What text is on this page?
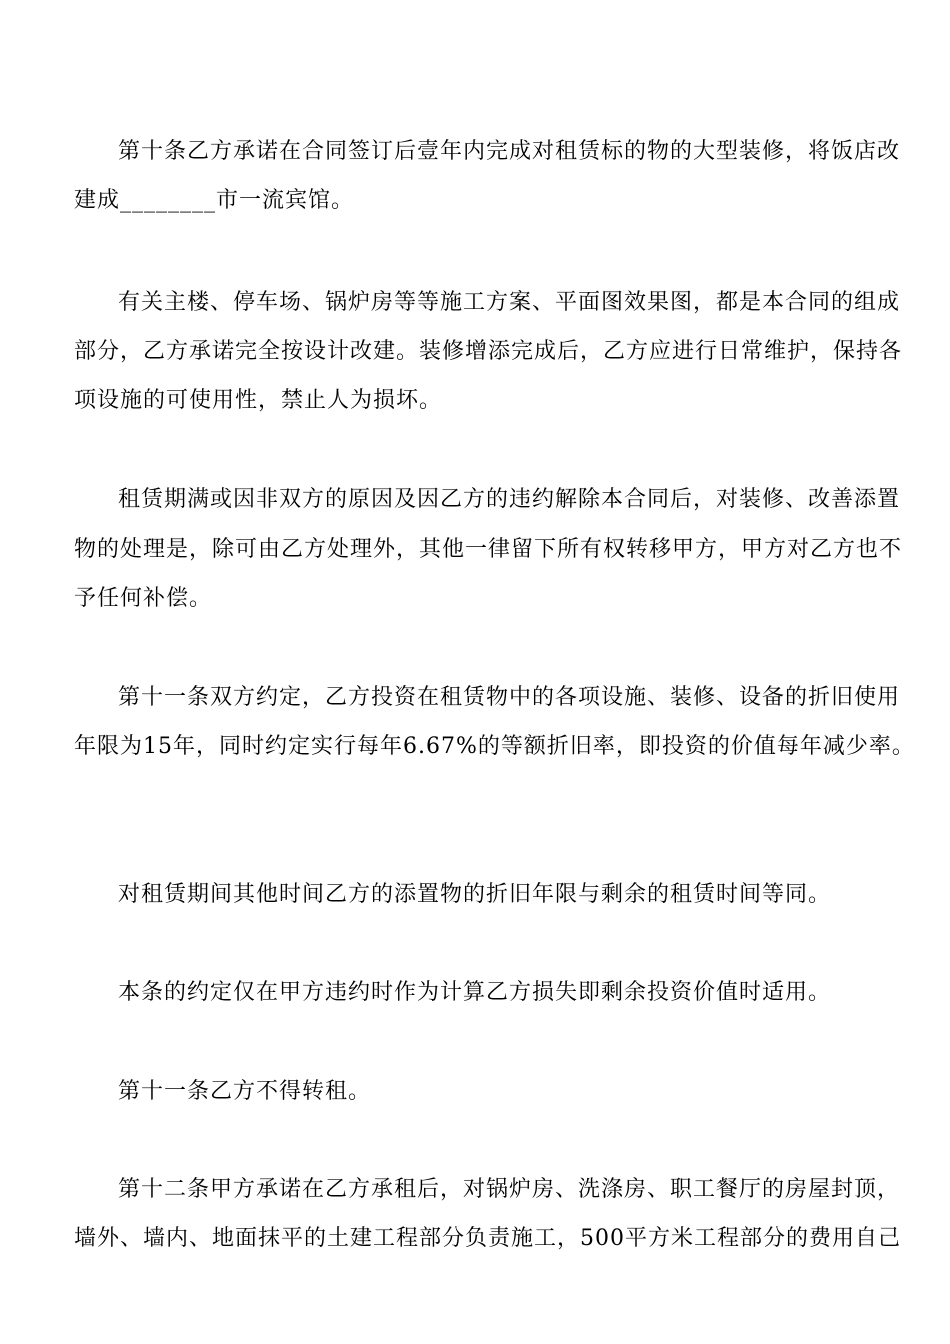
第十条乙方承诺在合同签订后壹年内完成对租赁标的物的大型装修，将饭店改
建成________市一流宾馆。
有关主楼、停车场、锅炉房等等施工方案、平面图效果图，都是本合同的组成
部分，乙方承诺完全按设计改建。装修增添完成后，乙方应进行日常维护，保持各
项设施的可使用性，禁止人为损坏。
租赁期满或因非双方的原因及因乙方的违约解除本合同后，对装修、改善添置
物的处理是，除可由乙方处理外，其他一律留下所有权转移甲方，甲方对乙方也不
予任何补偿。
第十一条双方约定，乙方投资在租赁物中的各项设施、装修、设备的折旧使用
年限为15年，同时约定实行每年6.67%的等额折旧率，即投资的价值每年减少率。
对租赁期间其他时间乙方的添置物的折旧年限与剩余的租赁时间等同。
本条的约定仅在甲方违约时作为计算乙方损失即剩余投资价值时适用。
第十一条乙方不得转租。
第十二条甲方承诺在乙方承租后，对锅炉房、洗涤房、职工餐厅的房屋封顶，
墙外、墙内、地面抹平的土建工程部分负责施工，500平方米工程部分的费用自己
